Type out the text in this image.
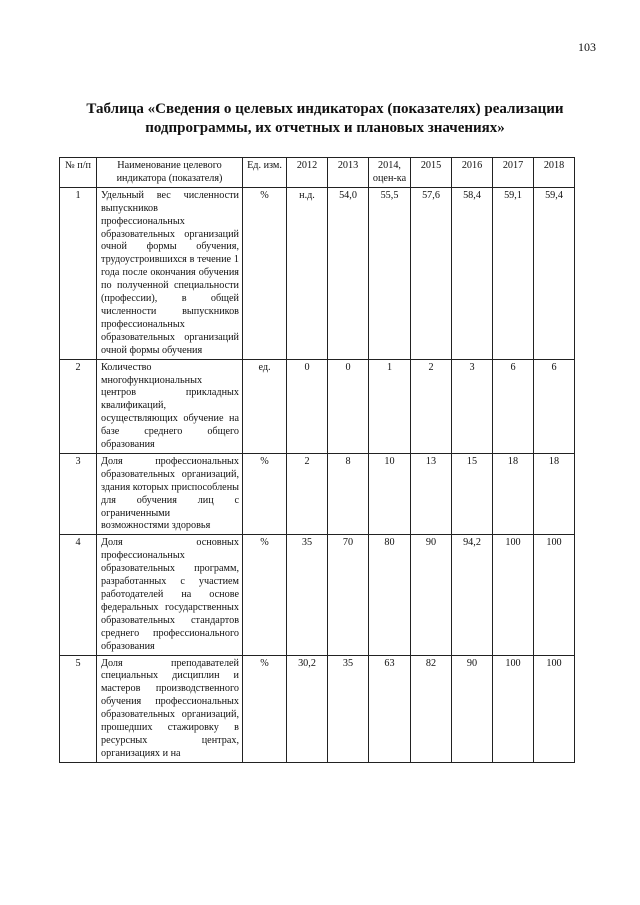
103
Таблица «Сведения о целевых индикаторах (показателях) реализации
подпрограммы, их отчетных и плановых значениях»
№ п/п	Наименование целевого индикатора (показателя)	Ед. изм.	2012	2013	2014, оцен-ка	2015	2016	2017	2018
1	Удельный вес численности выпускников профессиональных образовательных организаций очной формы обучения, трудоустроившихся в течение 1 года после окончания обучения по полученной специальности (профессии), в общей численности выпускников профессиональных образовательных организаций очной формы обучения	%	н.д.	54,0	55,5	57,6	58,4	59,1	59,4
2	Количество многофункциональных центров прикладных квалификаций, осуществляющих обучение на базе среднего общего образования	ед.	0	0	1	2	3	6	6
3	Доля профессиональных образовательных организаций, здания которых приспособлены для обучения лиц с ограниченными возможностями здоровья	%	2	8	10	13	15	18	18
4	Доля основных профессиональных образовательных программ, разработанных с участием работодателей на основе федеральных государственных образовательных стандартов среднего профессионального образования	%	35	70	80	90	94,2	100	100
5	Доля преподавателей специальных дисциплин и мастеров производственного обучения профессиональных образовательных организаций, прошедших стажировку в ресурсных центрах, организациях и на	%	30,2	35	63	82	90	100	100
